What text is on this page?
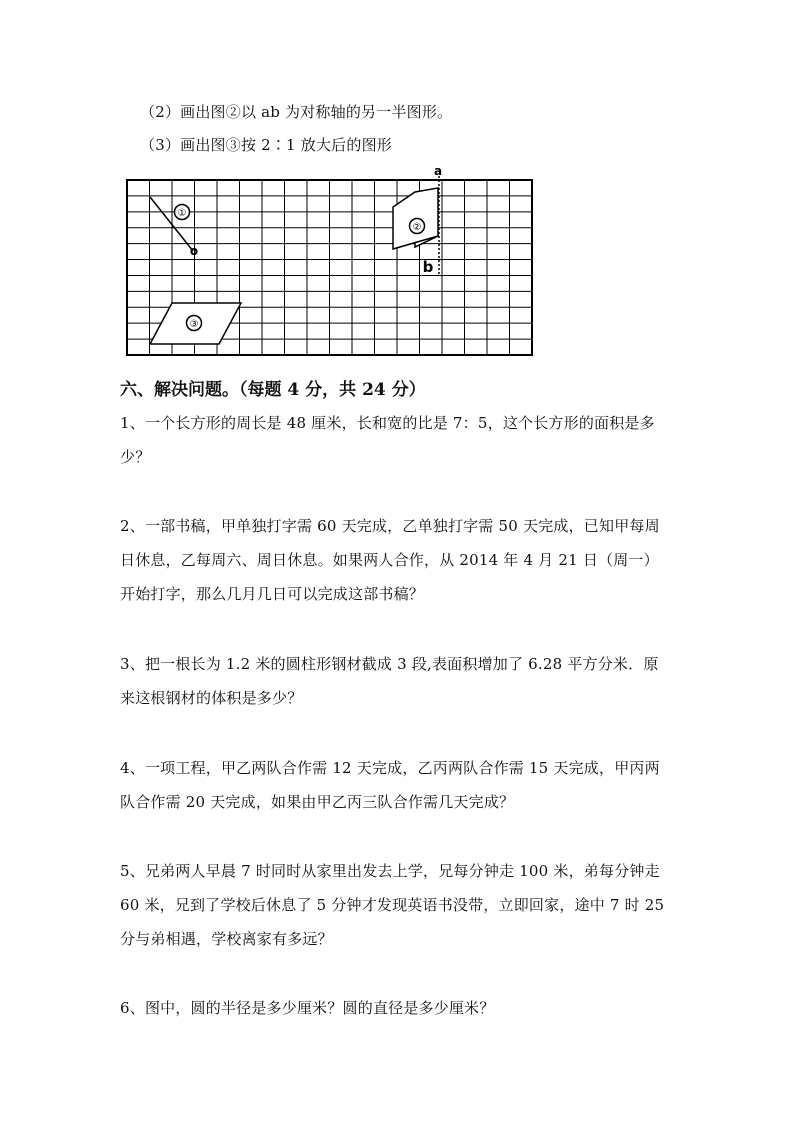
（2）画出图②以 ab 为对称轴的另一半图形。
（3）画出图③按 2∶1 放大后的图形
①
o
a
b
②
③
六、解决问题。（每题 4 分，共 24 分）
1、一个长方形的周长是 48 厘米，长和宽的比是 7：5，这个长方形的面积是多
少？
2、一部书稿，甲单独打字需 60 天完成，乙单独打字需 50 天完成，已知甲每周
日休息，乙每周六、周日休息。如果两人合作，从 2014 年 4 月 21 日（周一）
开始打字，那么几月几日可以完成这部书稿？
3、把一根长为 1.2 米的圆柱形钢材截成 3 段,表面积增加了 6.28 平方分米．原
来这根钢材的体积是多少？
4、一项工程，甲乙两队合作需 12 天完成，乙丙两队合作需 15 天完成，甲丙两
队合作需 20 天完成，如果由甲乙丙三队合作需几天完成？
5、兄弟两人早晨 7 时同时从家里出发去上学，兄每分钟走 100 米，弟每分钟走
60 米，兄到了学校后休息了 5 分钟才发现英语书没带，立即回家，途中 7 时 25
分与弟相遇，学校离家有多远？
6、图中，圆的半径是多少厘米？圆的直径是多少厘米？
